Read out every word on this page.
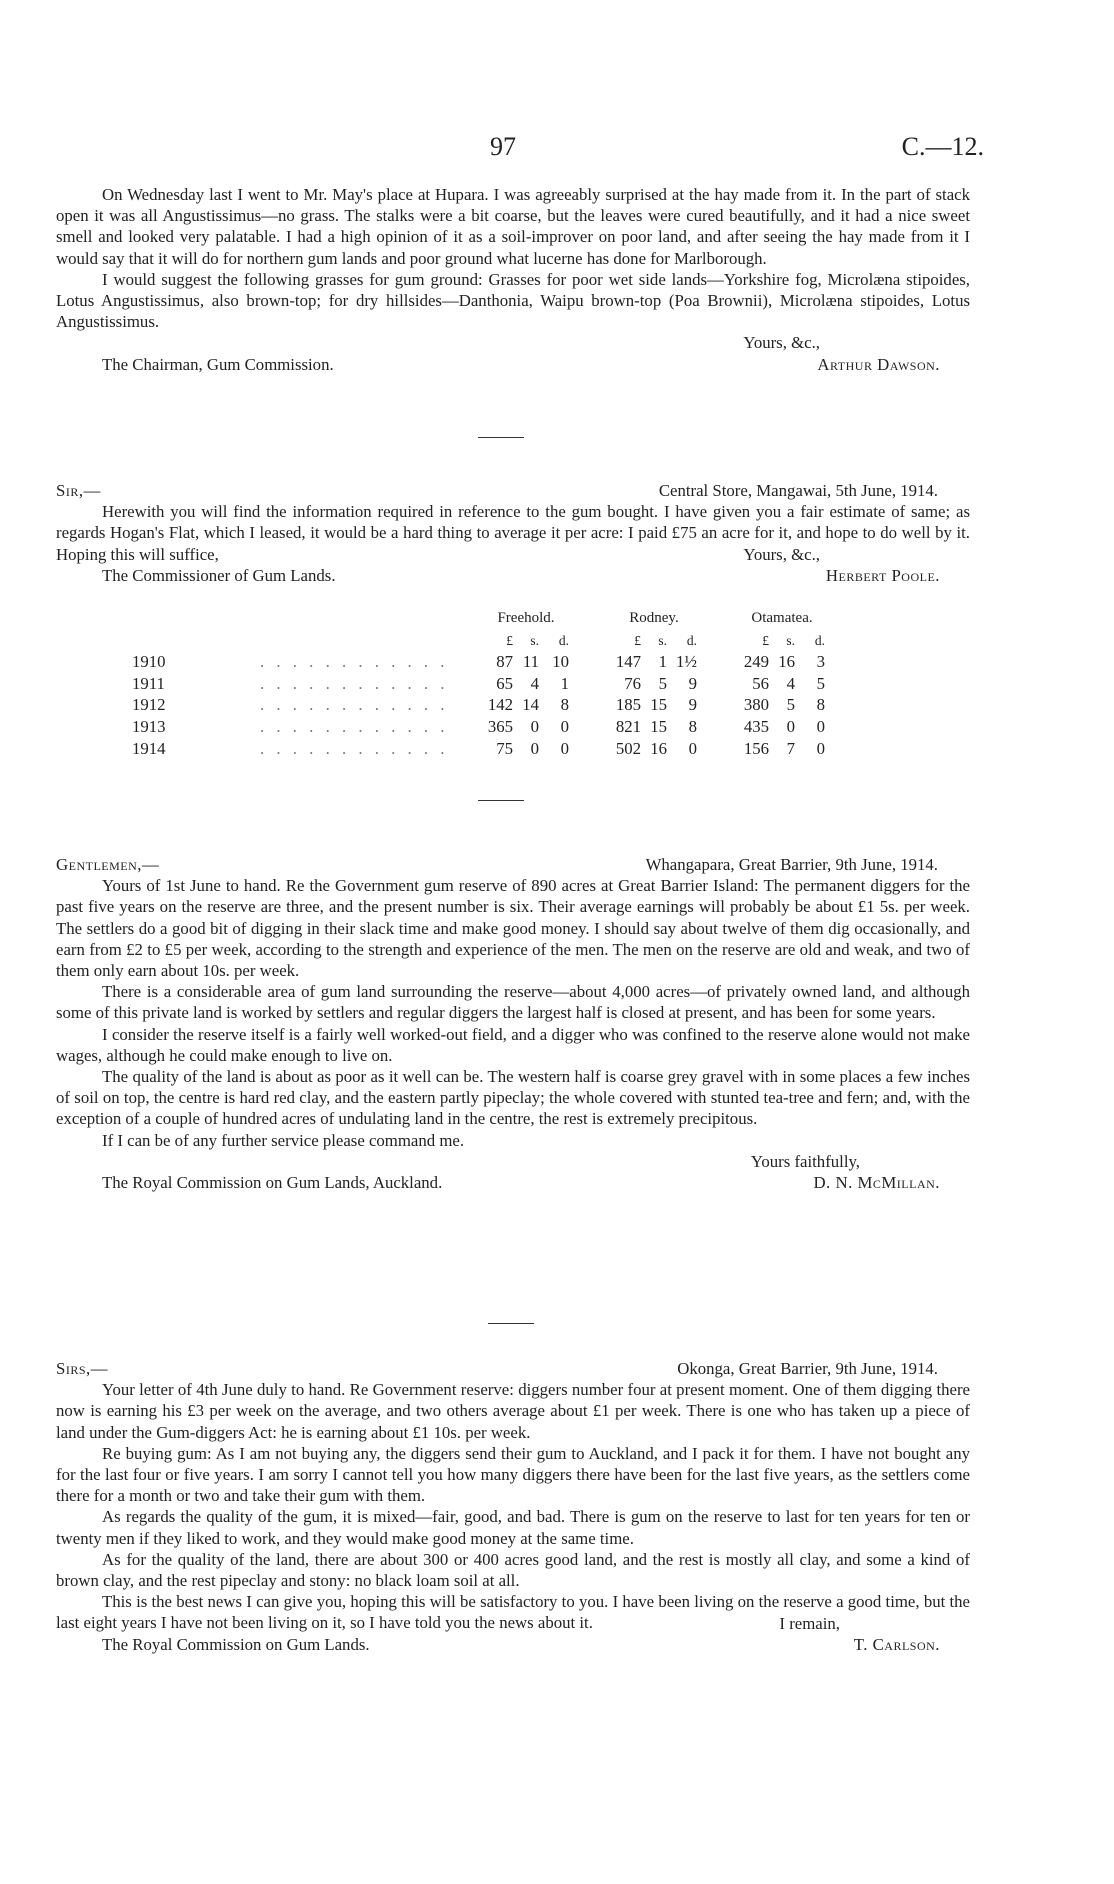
97	C.—12.

On Wednesday last I went to Mr. May's place at Hupara. I was agreeably surprised at the hay made from it. In the part of stack open it was all Angustissimus—no grass. The stalks were a bit coarse, but the leaves were cured beautifully, and it had a nice sweet smell and looked very palatable. I had a high opinion of it as a soil-improver on poor land, and after seeing the hay made from it I would say that it will do for northern gum lands and poor ground what lucerne has done for Marlborough.

I would suggest the following grasses for gum ground: Grasses for poor wet side lands—Yorkshire fog, Microlæna stipoides, Lotus Angustissimus, also brown-top; for dry hillsides—Danthonia, Waipu brown-top (Poa Brownii), Microlæna stipoides, Lotus Angustissimus.

Yours, &c.,
The Chairman, Gum Commission.	Arthur Dawson.
Sir,—	Central Store, Mangawai, 5th June, 1914.

Herewith you will find the information required in reference to the gum bought. I have given you a fair estimate of same; as regards Hogan's Flat, which I leased, it would be a hard thing to average it per acre: I paid £75 an acre for it, and hope to do well by it. Hoping this will suffice,	Yours, &c.,
The Commissioner of Gum Lands.	Herbert Poole.
		Freehold.				Rodney.				Otamatea.		
		£	s.	d.		£	s.	d.		£	s.	d.
1910	. . . . . . . . . . . .	87	11	10		147	1	1½		249	16	3
1911	. . . . . . . . . . . .	65	4	1		76	5	9		56	4	5
1912	. . . . . . . . . . . .	142	14	8		185	15	9		380	5	8
1913	. . . . . . . . . . . .	365	0	0		821	15	8		435	0	0
1914	. . . . . . . . . . . .	75	0	0		502	16	0		156	7	0
Gentlemen,—	Whangapara, Great Barrier, 9th June, 1914.

Yours of 1st June to hand. Re the Government gum reserve of 890 acres at Great Barrier Island: The permanent diggers for the past five years on the reserve are three, and the present number is six. Their average earnings will probably be about £1 5s. per week. The settlers do a good bit of digging in their slack time and make good money. I should say about twelve of them dig occasionally, and earn from £2 to £5 per week, according to the strength and experience of the men. The men on the reserve are old and weak, and two of them only earn about 10s. per week.

There is a considerable area of gum land surrounding the reserve—about 4,000 acres—of privately owned land, and although some of this private land is worked by settlers and regular diggers the largest half is closed at present, and has been for some years.

I consider the reserve itself is a fairly well worked-out field, and a digger who was confined to the reserve alone would not make wages, although he could make enough to live on.

The quality of the land is about as poor as it well can be. The western half is coarse grey gravel with in some places a few inches of soil on top, the centre is hard red clay, and the eastern partly pipeclay; the whole covered with stunted tea-tree and fern; and, with the exception of a couple of hundred acres of undulating land in the centre, the rest is extremely precipitous.

If I can be of any further service please command me.

Yours faithfully,
The Royal Commission on Gum Lands, Auckland.	D. N. McMillan.
Sirs,—	Okonga, Great Barrier, 9th June, 1914.

Your letter of 4th June duly to hand. Re Government reserve: diggers number four at present moment. One of them digging there now is earning his £3 per week on the average, and two others average about £1 per week. There is one who has taken up a piece of land under the Gum-diggers Act: he is earning about £1 10s. per week.

Re buying gum: As I am not buying any, the diggers send their gum to Auckland, and I pack it for them. I have not bought any for the last four or five years. I am sorry I cannot tell you how many diggers there have been for the last five years, as the settlers come there for a month or two and take their gum with them.

As regards the quality of the gum, it is mixed—fair, good, and bad. There is gum on the reserve to last for ten years for ten or twenty men if they liked to work, and they would make good money at the same time.

As for the quality of the land, there are about 300 or 400 acres good land, and the rest is mostly all clay, and some a kind of brown clay, and the rest pipeclay and stony: no black loam soil at all.

This is the best news I can give you, hoping this will be satisfactory to you. I have been living on the reserve a good time, but the last eight years I have not been living on it, so I have told you the news about it.	I remain,
The Royal Commission on Gum Lands.	T. Carlson.
